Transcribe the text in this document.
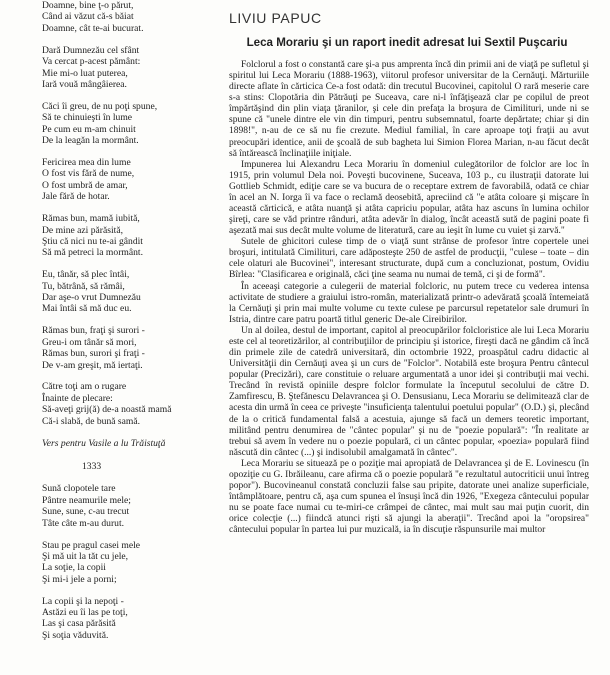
Doamne, bine ţ-o părut,
Când ai văzut că-s băiat
Doamne, cât te-ai bucurat.
Dară Dumnezău cel sfânt
Va cercat p-acest pământ:
Mie mi-o luat puterea,
Iară vouă mângâierea.
Căci îi greu, de nu poţi spune,
Să te chinuieşti în lume
Pe cum eu m-am chinuit
De la leagăn la mormânt.
Fericirea mea din lume
O fost vis fără de nume,
O fost umbră de amar,
Jale fără de hotar.
Rămas bun, mamă iubită,
De mine azi părăsită,
Ştiu că nici nu te-ai gândit
Să mă petreci la mormânt.
Eu, tânăr, să plec întâi,
Tu, bătrână, să rămâi,
Dar aşe-o vrut Dumnezău
Mai întâi să mă duc eu.
Rămas bun, fraţi şi surori -
Greu-i om tânăr să mori,
Rămas bun, surori şi fraţi -
De v-am greşit, mă iertaţi.
Către toţi am o rugare
Înainte de plecare:
Să-aveţi grij(ă) de-a noastă mamă
Că-i slabă, de bună samă.
Vers pentru Vasile a lu Trăistuţă
1333
Sună clopotele tare
Pântre neamurile mele;
Sune, sune, c-au trecut
Tâte câte m-au durut.
Stau pe pragul casei mele
Şi mă uit la tăt cu jele,
La soţie, la copii
Şi mi-i jele a porni;
La copii şi la nepoţi -
Astăzi eu îi las pe toţi,
Las şi casa părăsită
Şi soţia văduvită.
LIVIU PAPUC
Leca Morariu şi un raport inedit adresat lui Sextil Puşcariu

Folclorul a fost o constantă care şi-a pus amprenta încă din primii ani de viaţă pe sufletul şi spiritul lui Leca Morariu (1888-1963), viitorul profesor universitar de la Cernăuţi. Mărturiile directe aflate în cărticica Ce-a fost odată: din trecutul Bucovinei, capitolul O rară meserie care s-a stins: Clopotăria din Pătrăuţi pe Suceava, care ni-l înfăţişează clar pe copilul de preot împărtăşind din plin viaţa ţăranilor, şi cele din prefaţa la broşura de Cimilituri, unde ni se spune că "unele dintre ele vin din timpuri, pentru subsemnatul, foarte depărtate; chiar şi din 1898!", n-au de ce să nu fie crezute. Mediul familial, în care aproape toţi fraţii au avut preocupări identice, anii de şcoală de sub bagheta lui Simion Florea Marian, n-au făcut decât să întărească înclinaţiile iniţiale.

Impunerea lui Alexandru Leca Morariu în domeniul culegătorilor de folclor are loc în 1915, prin volumul Dela noi. Poveşti bucovinene, Suceava, 103 p., cu ilustraţii datorate lui Gottlieb Schmidt, ediţie care se va bucura de o receptare extrem de favorabilă, odată ce chiar în acel an N. Iorga îi va face o reclamă deosebită, apreciind că "e atâta coloare şi mişcare în această cărticică, e atâta nuanţă şi atâta capriciu popular, atâta haz ascuns în lumina ochilor şireţi, care se văd printre rânduri, atâta adevăr în dialog, încât această sută de pagini poate fi aşezată mai sus decât multe volume de literatură, care au ieşit în lume cu vuiet şi zarvă."

Sutele de ghicitori culese timp de o viaţă sunt strânse de profesor între copertele unei broşuri, intitulată Cimilituri, care adăposteşte 250 de astfel de producţii, "culese – toate – din cele olaturi ale Bucovinei", interesant structurate, după cum a concluzionat, postum, Ovidiu Bîrlea: "Clasificarea e originală, căci ţine seama nu numai de temă, ci şi de formă".

În aceeaşi categorie a culegerii de material folcloric, nu putem trece cu vederea intensa activitate de studiere a graiului istro-român, materializată printr-o adevărată şcoală întemeiată la Cernăuţi şi prin mai multe volume cu texte culese pe parcursul repetatelor sale drumuri în Istria, dintre care patru poartă titlul generic De-ale Cireibirilor.

Un al doilea, destul de important, capitol al preocupărilor folcloristice ale lui Leca Morariu este cel al teoretizărilor, al contribuţiilor de principiu şi istorice, fireşti dacă ne gândim că încă din primele zile de catedră universitară, din octombrie 1922, proaspătul cadru didactic al Universităţii din Cernăuţi avea şi un curs de "Folclor". Notabilă este broşura Pentru cântecul popular (Precizări), care constituie o reluare argumentată a unor idei şi contribuţii mai vechi. Trecând în revistă opiniile despre folclor formulate la începutul secolului de către D. Zamfirescu, B. Ştefănescu Delavrancea şi O. Densusianu, Leca Morariu se delimitează clar de acesta din urmă în ceea ce priveşte "insuficienţa talentului poetului popular" (O.D.) şi, plecând de la o critică fundamental falsă a acestuia, ajunge să facă un demers teoretic important, militând pentru denumirea de "cântec popular" şi nu de "poezie populară": "În realitate ar trebui să avem în vedere nu o poezie populară, ci un cântec popular, «poezia» populară fiind născută din cântec (...) şi indisolubil amalgamată în cântec".

Leca Morariu se situează pe o poziţie mai apropiată de Delavrancea şi de E. Lovinescu (în opoziţie cu G. Ibrăileanu, care afirma că o poezie populară "e rezultatul autocriticii unui întreg popor"). Bucovineanul constată concluzii false sau pripite, datorate unei analize superficiale, întâmplătoare, pentru că, aşa cum spunea el însuşi încă din 1926, "Exegeza cântecului popular nu se poate face numai cu te-miri-ce crâmpei de cântec, mai mult sau mai puţin cuorit, din orice colecţie (...) fiindcă atunci rişti să ajungi la aberaţii". Trecând apoi la "oropsirea" cântecului popular în partea lui pur muzicală, ia în discuţie răspunsurile mai multor
